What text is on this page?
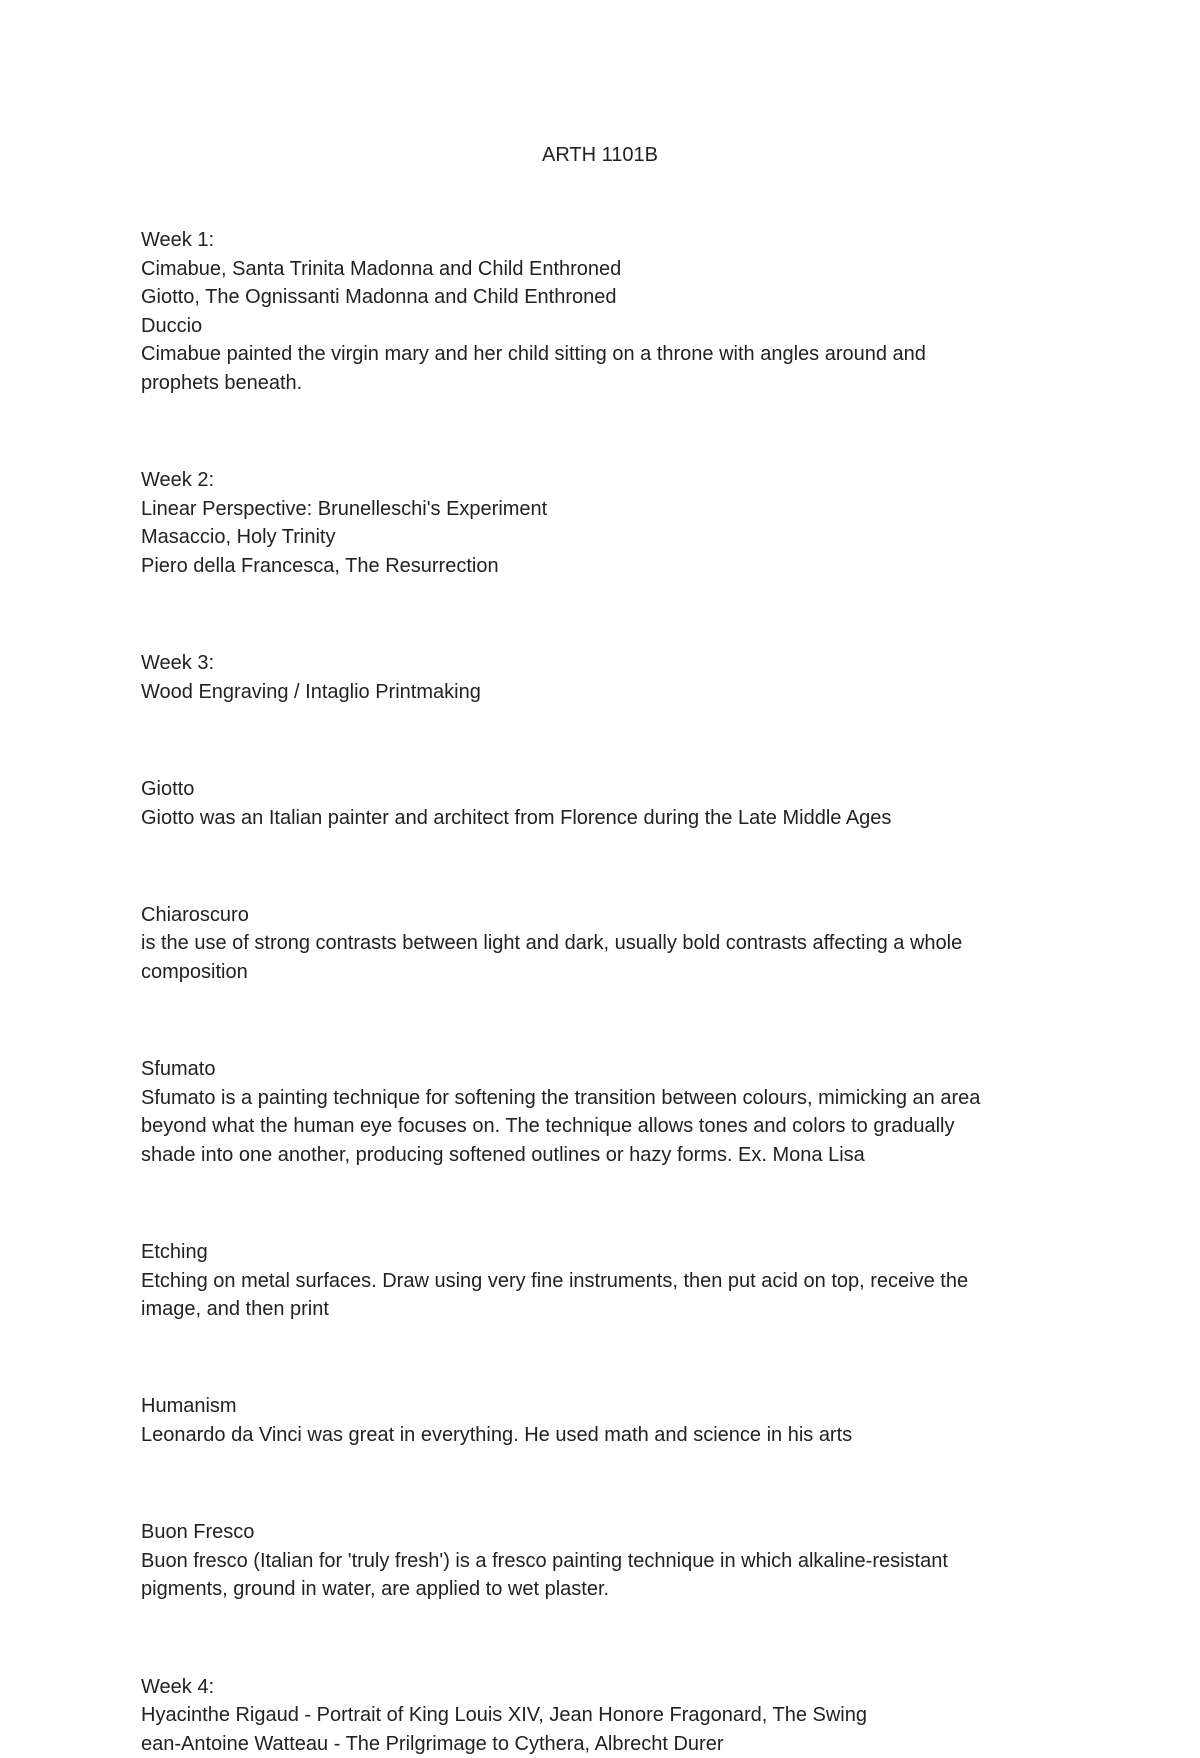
ARTH 1101B

Week 1:

Cimabue, Santa Trinita Madonna and Child Enthroned

Giotto, The Ognissanti Madonna and Child Enthroned

Duccio

Cimabue painted the virgin mary and her child sitting on a throne with angles around and

prophets beneath.

Week 2:

Linear Perspective: Brunelleschi's Experiment

Masaccio, Holy Trinity

Piero della Francesca, The Resurrection

Week 3:

Wood Engraving / Intaglio Printmaking

Giotto

Giotto was an Italian painter and architect from Florence during the Late Middle Ages

Chiaroscuro

is the use of strong contrasts between light and dark, usually bold contrasts affecting a whole

composition

Sfumato

Sfumato is a painting technique for softening the transition between colours, mimicking an area

beyond what the human eye focuses on. The technique allows tones and colors to gradually

shade into one another, producing softened outlines or hazy forms. Ex. Mona Lisa

Etching

Etching on metal surfaces. Draw using very fine instruments, then put acid on top, receive the

image, and then print

Humanism

Leonardo da Vinci was great in everything. He used math and science in his arts

Buon Fresco

Buon fresco (Italian for 'truly fresh') is a fresco painting technique in which alkaline-resistant

pigments, ground in water, are applied to wet plaster.

Week 4:

Hyacinthe Rigaud - Portrait of King Louis XIV, Jean Honore Fragonard, The Swing

ean-Antoine Watteau - The Prilgrimage to Cythera, Albrecht Durer
